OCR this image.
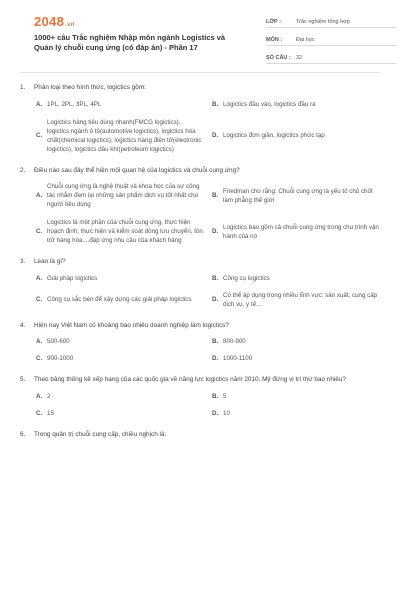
2048.vn
1000+ câu Trắc nghiệm Nhập môn ngành Logistics và Quản lý chuỗi cung ứng (có đáp án) - Phần 17
LỚP :	Trắc nghiệm tổng hợp
MÔN :	Đại học
SỐ CÂU : 32
1.	Phân loại theo hình thức, logictics gồm:
A. 1PL, 2PL, 3PL, 4PL	B. Logictics đầu vào, logictics đầu ra
C.
Logictics hàng tiêu dùng nhanh(FMCG logictics), logictics ngành ô tô(automotive logictics), logictics hóa chất(chemical logictics), logictics hàng điện tử(electronic logictics), logictics dầu khí(petroleum logictics)
D. Logictics đơn giản, logictics phức tạp
2.	Điều nào sau đây thể hiện mối quan hệ của logictics và chuỗi cung ứng?
A.
Chuỗi cung ứng là nghệ thuật và khoa học của sự công tác nhằm đem lại những sản phẩm dịch vụ tốt nhất cho người tiêu dùng
B.
Friedman cho rằng: Chuỗi cung ứng là yếu tố chủ chốt làm phẳng thế giới
C.
Logictics là một phần của chuỗi cung ứng, thực hiện hoạch định, thực hiện và kiểm soát dòng lưu chuyển, tồn trữ hàng hóa....đáp ứng nhu cầu của khách hàng
D.
Logictics bao gồm cả chuỗi cung ứng trong chu trình vận hành của nó
3.	Lean là gì?
A. Giải pháp logictics	B. Công cụ logictics
C. Công cụ sắc bén để xây dựng các giải pháp logictics	D.
Có thể áp dụng trong nhiều lĩnh vực: sản xuất, cung cấp dịch vụ, y tế...
4.	Hiện nay Việt Nam có khoảng bao nhiêu doanh nghiệp làm logictics?
A. 500-600	B. 800-900
C. 900-1000	D. 1000-1100
5.	Theo bảng thống kê xếp hạng của các quốc gia về năng lực logictics năm 2010, Mỹ đứng vị trí thứ bao nhiêu?
A. 2	B. 5
C. 15	D. 10
6.	Trong quản trị chuỗi cung cấp, chiều nghịch là:
